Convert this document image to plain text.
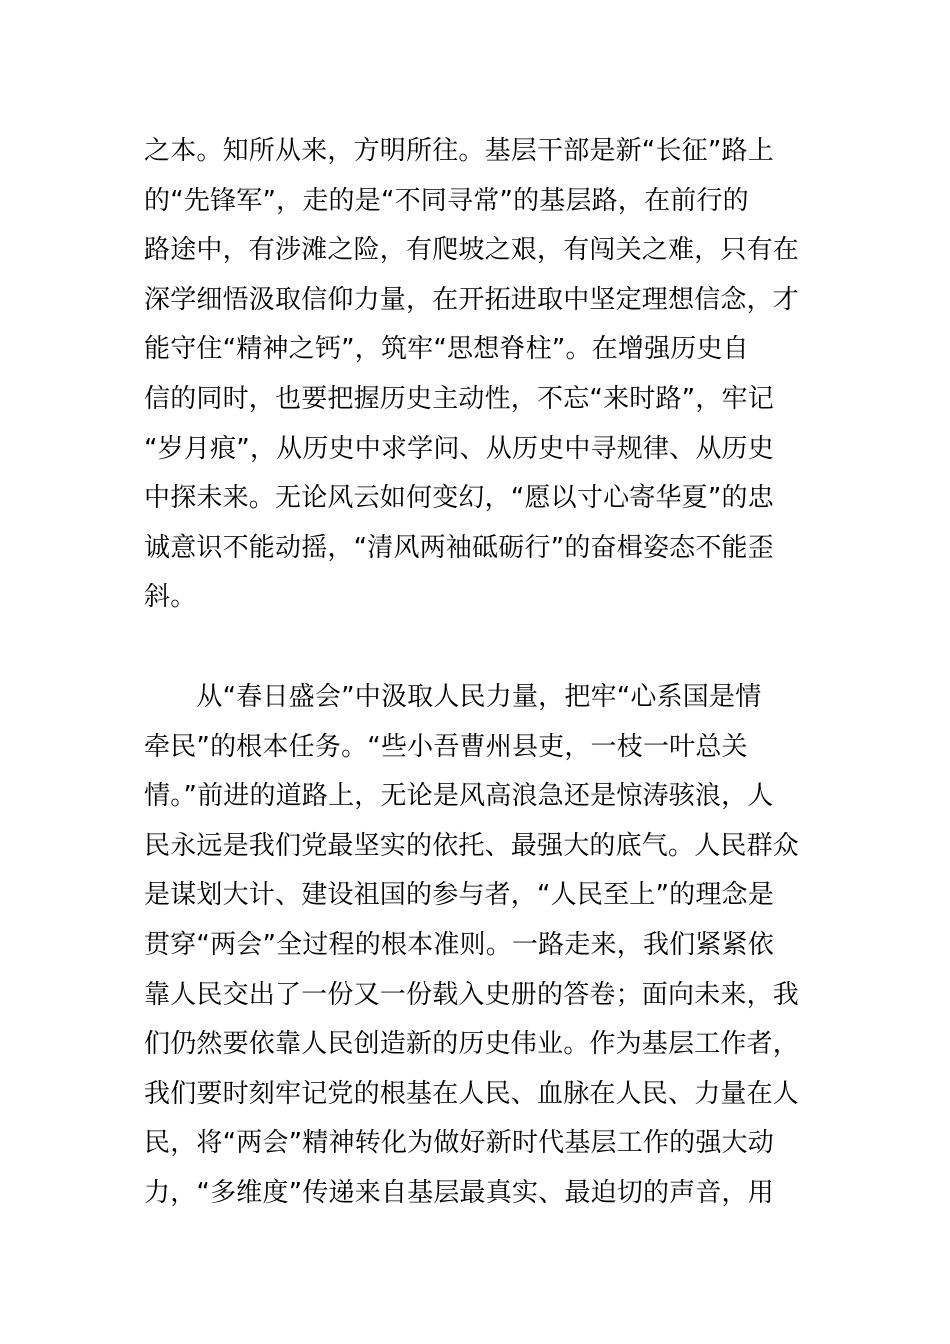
之本。知所从来，方明所往。基层干部是新“长征”路上
的“先锋军”，走的是“不同寻常”的基层路，在前行的
路途中，有涉滩之险，有爬坡之艰，有闯关之难，只有在
深学细悟汲取信仰力量，在开拓进取中坚定理想信念，才
能守住“精神之钙”，筑牢“思想脊柱”。在增强历史自
信的同时，也要把握历史主动性，不忘“来时路”，牢记
“岁月痕”，从历史中求学问、从历史中寻规律、从历史
中探未来。无论风云如何变幻，“愿以寸心寄华夏”的忠
诚意识不能动摇，“清风两袖砥砺行”的奋楫姿态不能歪
斜。
　　从“春日盛会”中汲取人民力量，把牢“心系国是情
牵民”的根本任务。“些小吾曹州县吏，一枝一叶总关
情。”前进的道路上，无论是风高浪急还是惊涛骇浪，人
民永远是我们党最坚实的依托、最强大的底气。人民群众
是谋划大计、建设祖国的参与者，“人民至上”的理念是
贯穿“两会”全过程的根本准则。一路走来，我们紧紧依
靠人民交出了一份又一份载入史册的答卷；面向未来，我
们仍然要依靠人民创造新的历史伟业。作为基层工作者，
我们要时刻牢记党的根基在人民、血脉在人民、力量在人
民，将“两会”精神转化为做好新时代基层工作的强大动
力，“多维度”传递来自基层最真实、最迫切的声音，用
